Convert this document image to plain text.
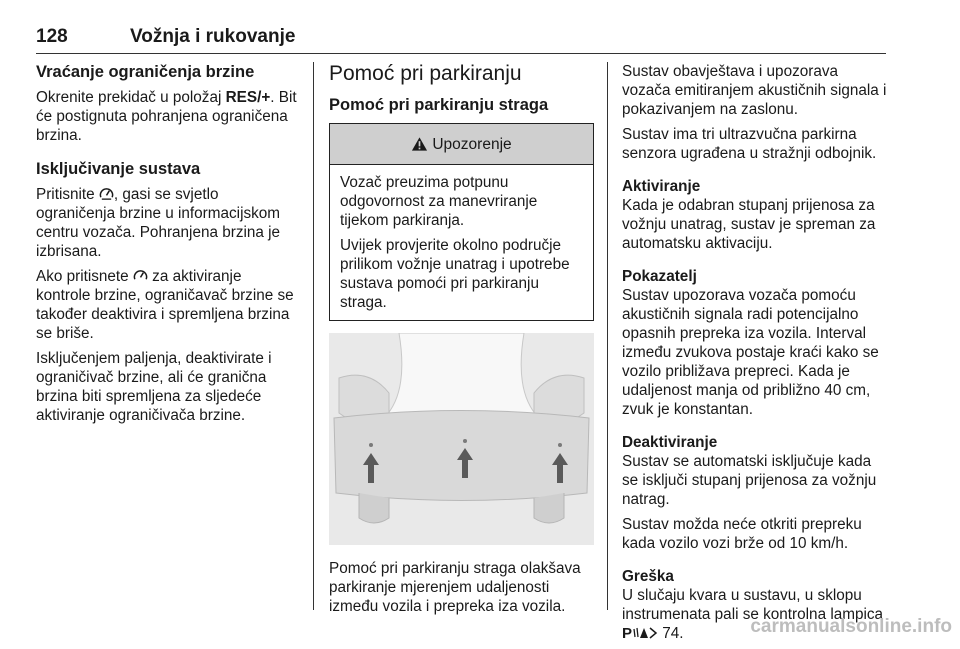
128	Vožnja i rukovanje
Vraćanje ograničenja brzine

Okrenite prekidač u položaj RES/+. Bit će postignuta pohranjena ograničena brzina.

Isključivanje sustava

Pritisnite , gasi se svjetlo ograničenja brzine u informacijskom centru vozača. Pohranjena brzina je izbrisana.

Ako pritisnete  za aktiviranje kontrole brzine, ograničavač brzine se također deaktivira i spremljena brzina se briše.

Isključenjem paljenja, deaktivirate i ograničivač brzine, ali će granična brzina biti spremljena za sljedeće aktiviranje ograničivača brzine.

Pomoć pri parkiranju
Pomoć pri parkiranju straga
Upozorenje

Vozač preuzima potpunu odgovornost za manevriranje tijekom parkiranja.

Uvijek provjerite okolno područje prilikom vožnje unatrag i upotrebe sustava pomoći pri parkiranju straga.

Pomoć pri parkiranju straga olakšava parkiranje mjerenjem udaljenosti između vozila i prepreka iza vozila.

Sustav obavještava i upozorava vozača emitiranjem akustičnih signala i pokazivanjem na zaslonu.

Sustav ima tri ultrazvučna parkirna senzora ugrađena u stražnji odbojnik.

Aktiviranje
Kada je odabran stupanj prijenosa za vožnju unatrag, sustav je spreman za automatsku aktivaciju.

Pokazatelj
Sustav upozorava vozača pomoću akustičnih signala radi potencijalno opasnih prepreka iza vozila. Interval između zvukova postaje kraći kako se vozilo približava prepreci. Kada je udaljenost manja od približno 40 cm, zvuk je konstantan.

Deaktiviranje
Sustav se automatski isključuje kada se isključi stupanj prijenosa za vožnju natrag.

Sustav možda neće otkriti prepreku kada vozilo vozi brže od 10 km/h.

Greška
U slučaju kvara u sustavu, u sklopu instrumenata pali se kontrolna lampica
P 74.	carmanualsonline.info
